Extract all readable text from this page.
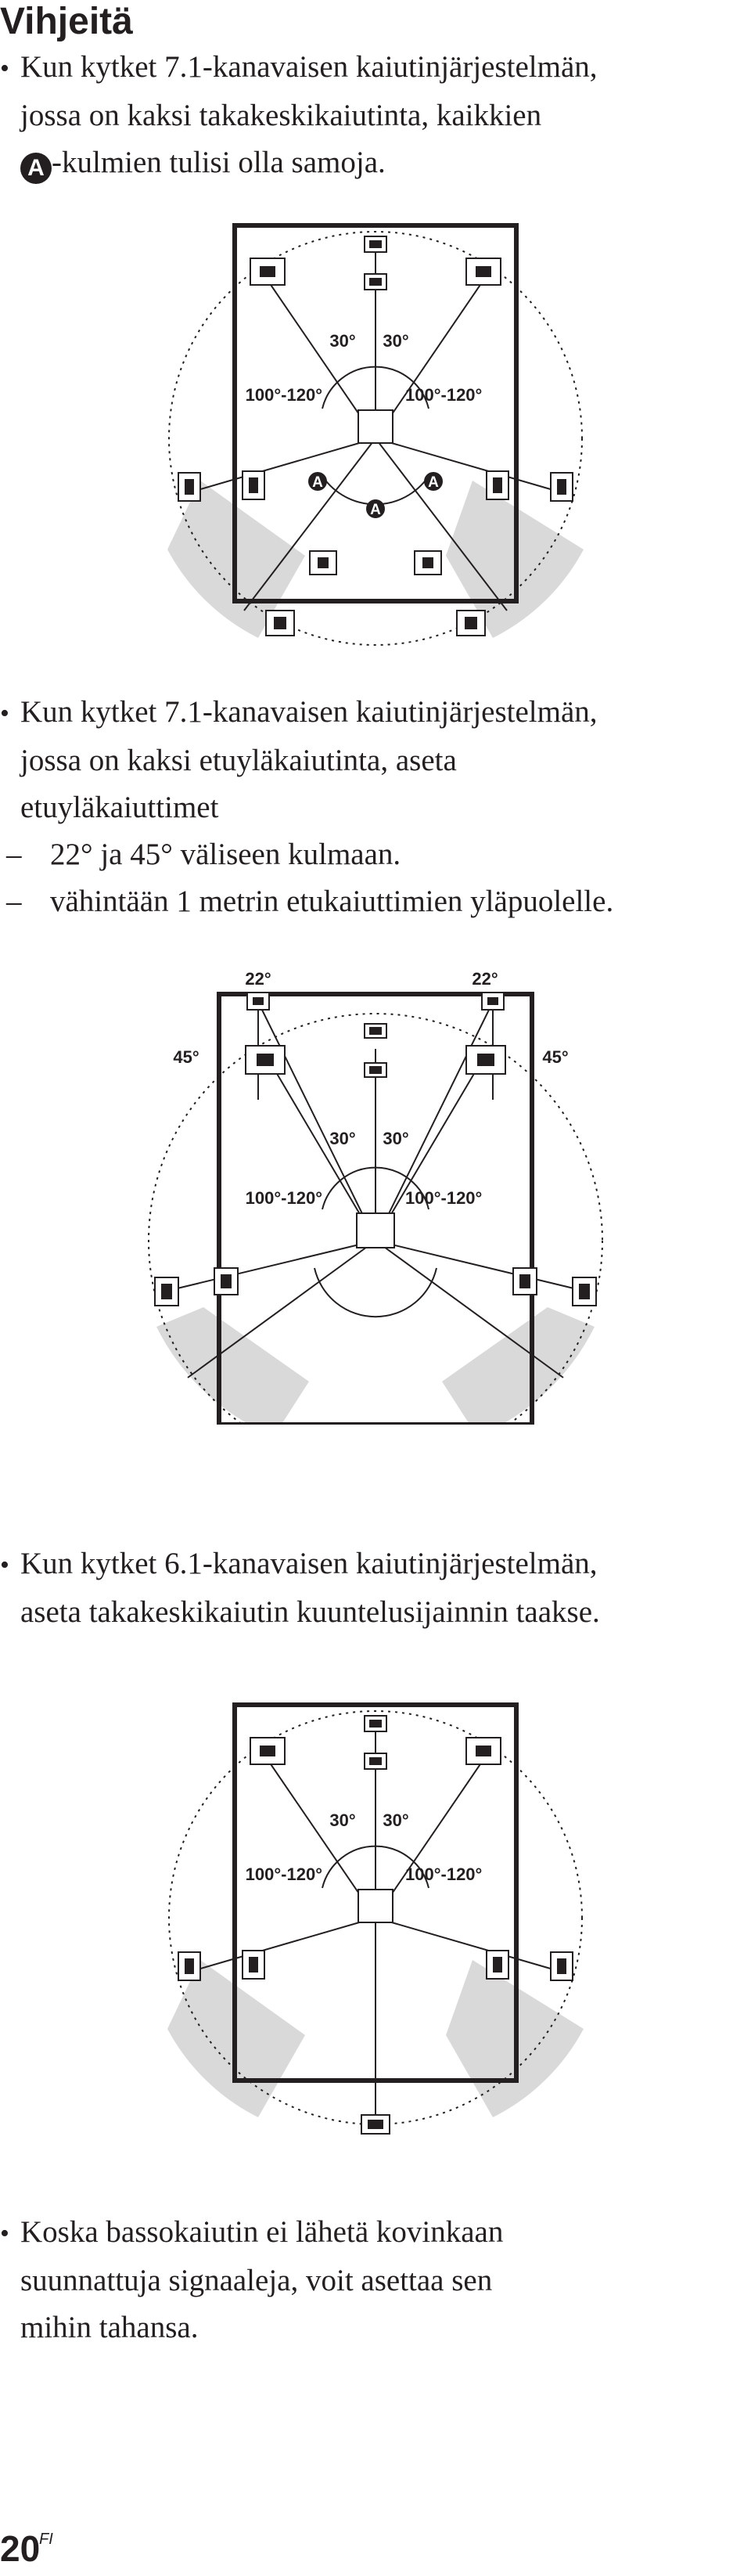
Vihjeitä

• Kun kytket 7.1-kanavaisen kaiutinjärjestelmän,

jossa on kaksi takakeskikaiutinta, kaikkien

A -kulmien tulisi olla samoja.

A
A
A
30° 30°
100°-120°	100°-120°

• Kun kytket 7.1-kanavaisen kaiutinjärjestelmän,

jossa on kaksi etuyläkaiutinta, aseta

etuyläkaiuttimet

– 22° ja 45° väliseen kulmaan.

– vähintään 1 metrin etukaiuttimien yläpuolelle.

22°	22°
45°	45°
30° 30°
100°-120°	100°-120°

• Kun kytket 6.1-kanavaisen kaiutinjärjestelmän,

aseta takakeskikaiutin kuuntelusijainnin taakse.

30° 30°
100°-120°	100°-120°

• Koska bassokaiutin ei lähetä kovinkaan

suunnattuja signaaleja, voit asettaa sen

mihin tahansa.

20
FI
